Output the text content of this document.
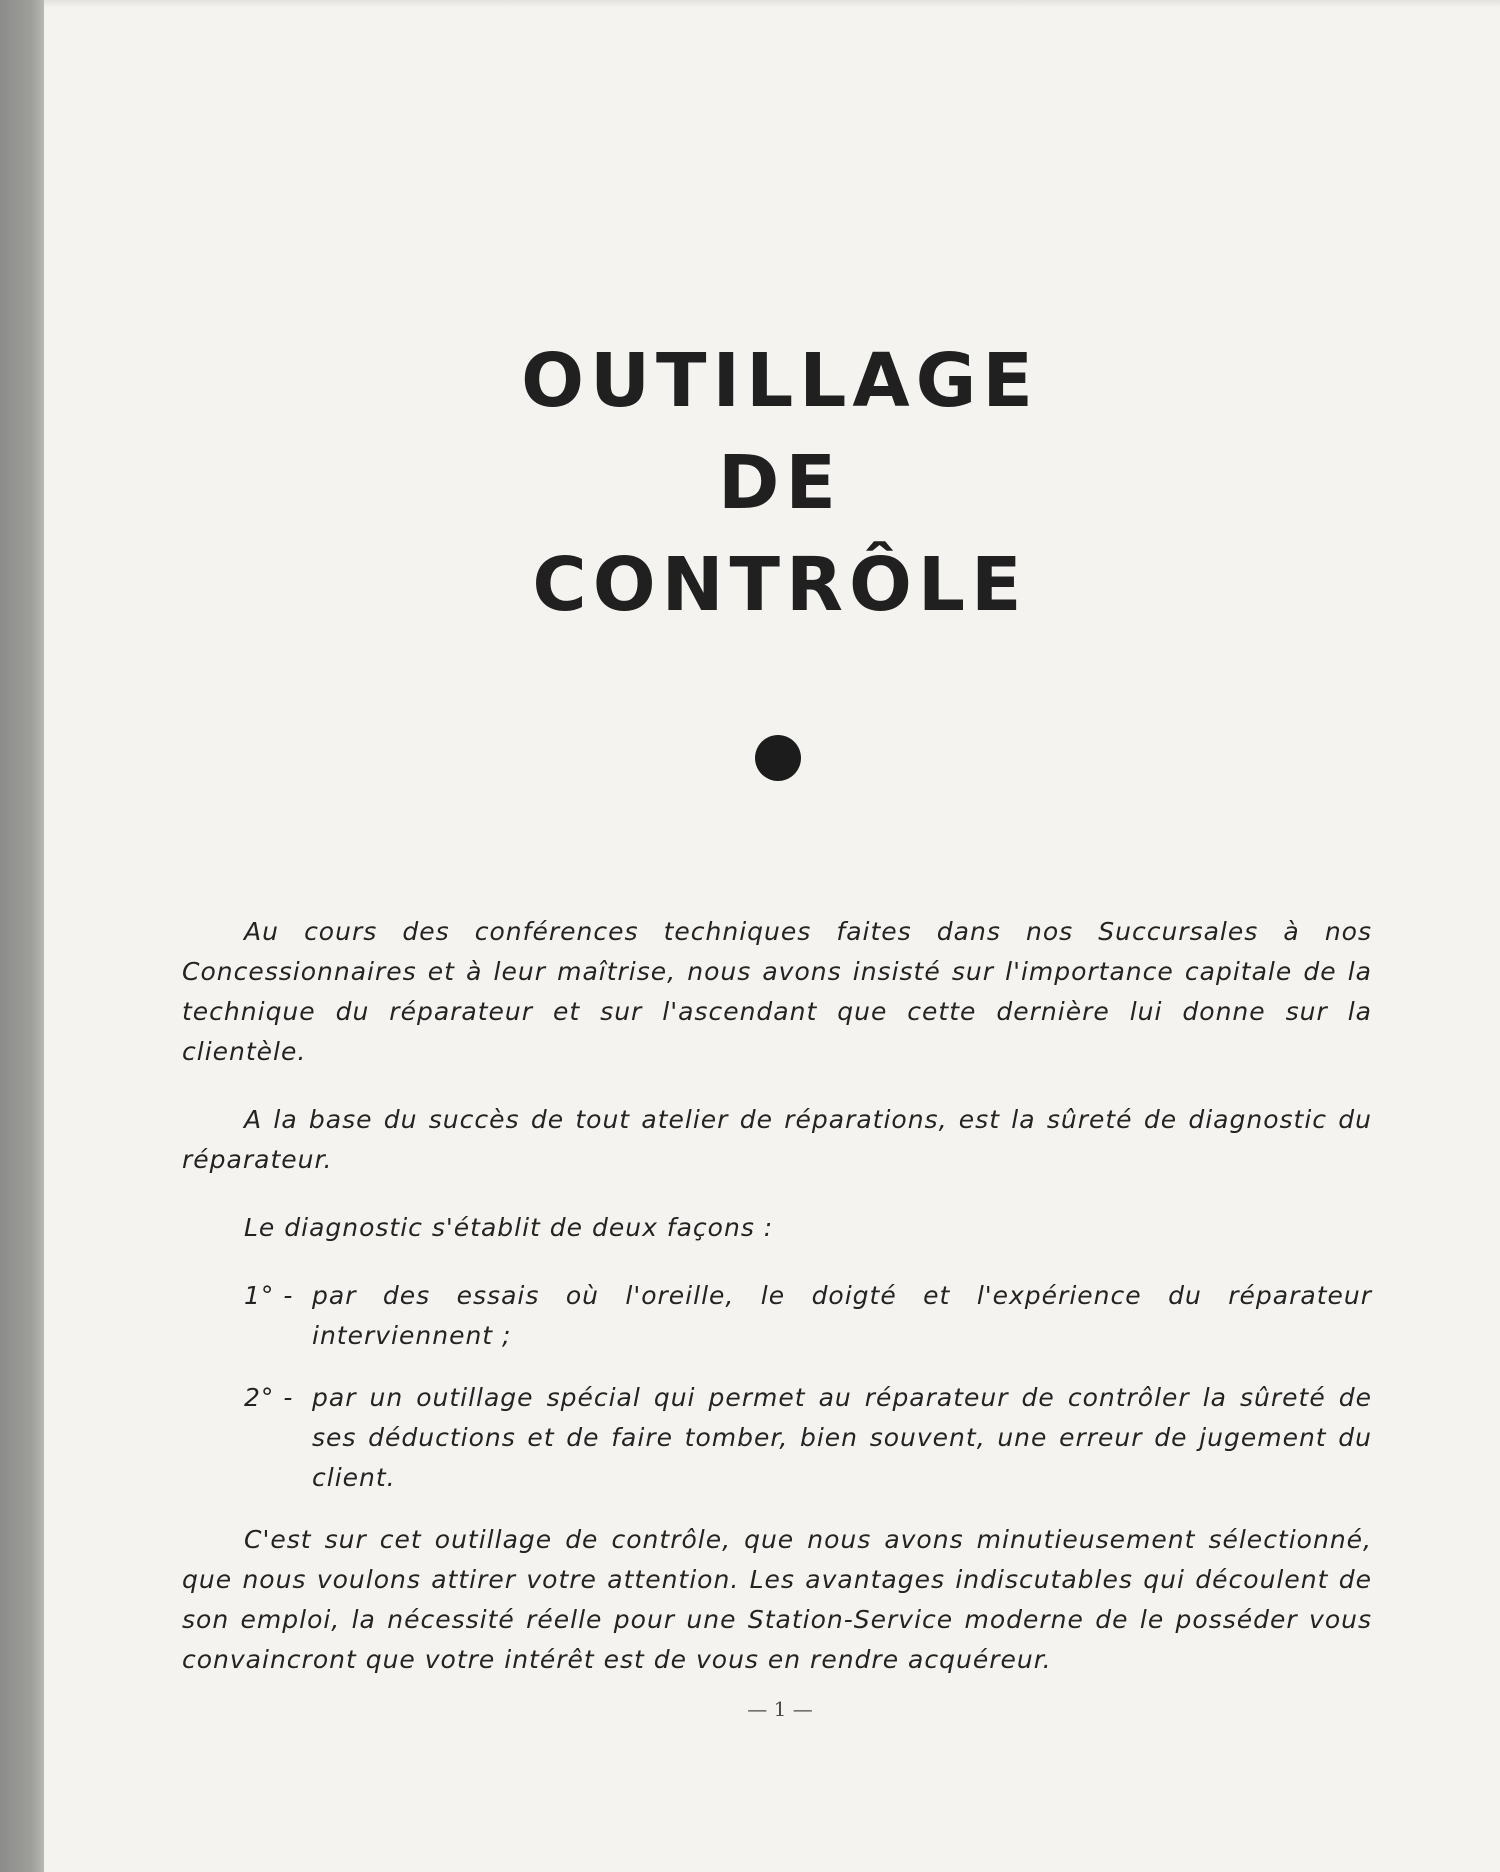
OUTILLAGE
DE
CONTRÔLE

Au cours des conférences techniques faites dans nos Succursales à nos Concessionnaires et à leur maîtrise, nous avons insisté sur l'importance capitale de la technique du réparateur et sur l'ascendant que cette dernière lui donne sur la clientèle.

A la base du succès de tout atelier de réparations, est la sûreté de diagnostic du réparateur.

Le diagnostic s'établit de deux façons :

1° - par des essais où l'oreille, le doigté et l'expérience du réparateur interviennent ;
2° - par un outillage spécial qui permet au réparateur de contrôler la sûreté de ses déductions et de faire tomber, bien souvent, une erreur de jugement du client.

C'est sur cet outillage de contrôle, que nous avons minutieusement sélectionné, que nous voulons attirer votre attention. Les avantages indiscutables qui découlent de son emploi, la nécessité réelle pour une Station-Service moderne de le posséder vous convaincront que votre intérêt est de vous en rendre acquéreur.

— 1 —
